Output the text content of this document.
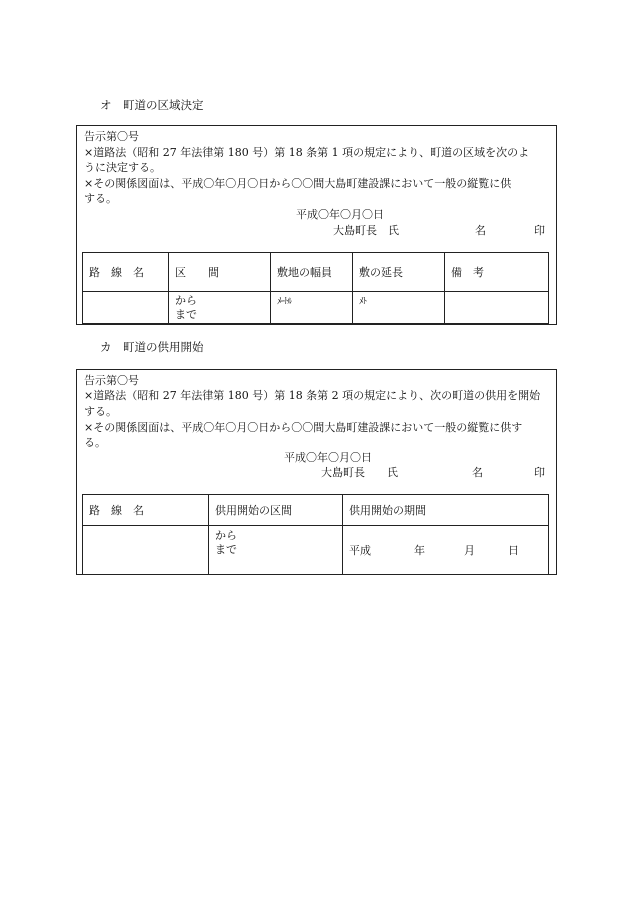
オ　町道の区域決定
告示第〇号
×道路法（昭和 27 年法律第 180 号）第 18 条第 1 項の規定により、町道の区域を次のよ
うに決定する。
×その関係図面は、平成〇年〇月〇日から〇〇間大島町建設課において一般の縦覧に供
する。
平成〇年〇月〇日
大島町長　氏	名	印
路　線　名	区　　間	敷地の幅員	敷の延長	備　考

	から
まで	ﾒｰﾄﾙ	ﾒﾄ	
カ　町道の供用開始
告示第〇号
×道路法（昭和 27 年法律第 180 号）第 18 条第 2 項の規定により、次の町道の供用を開始
する。
×その関係図面は、平成〇年〇月〇日から〇〇間大島町建設課において一般の縦覧に供す
る。
平成〇年〇月〇日
大島町長　　氏	名	印
路　線　名	供用開始の区間	供用開始の期間

	から
まで	平成 年 月 日
